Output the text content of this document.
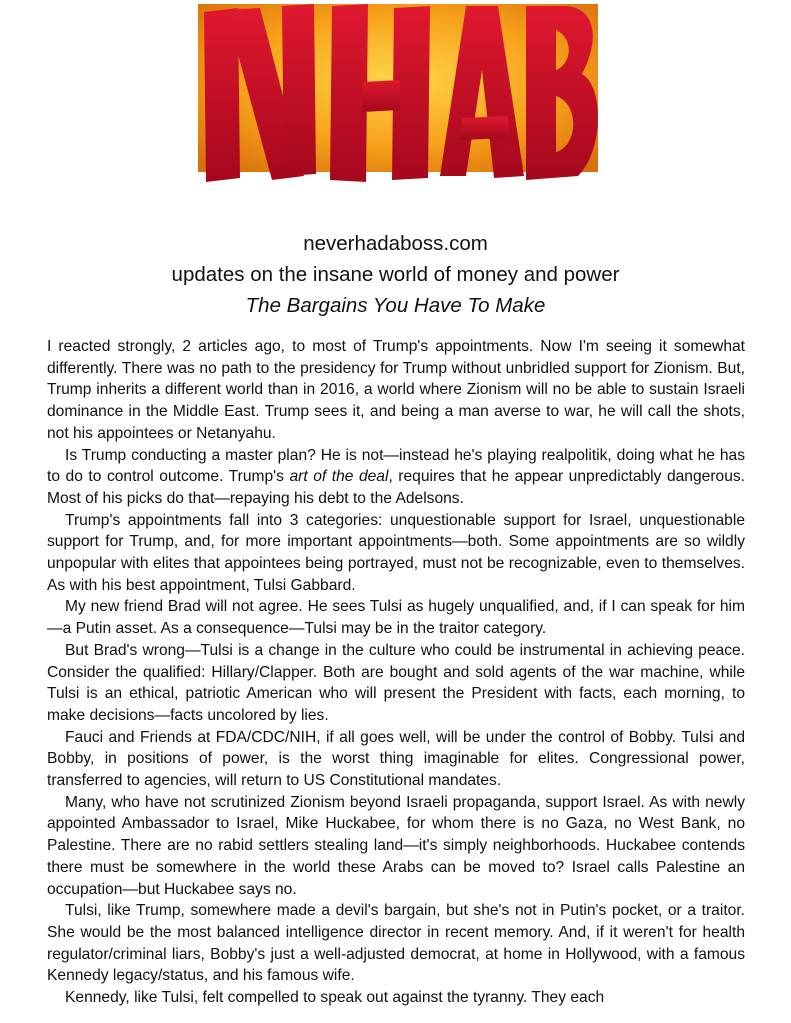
neverhadaboss.com
updates on the insane world of money and power
The Bargains You Have To Make

I reacted strongly, 2 articles ago, to most of Trump's appointments. Now I'm seeing it somewhat differently. There was no path to the presidency for Trump without unbridled support for Zionism. But, Trump inherits a different world than in 2016, a world where Zionism will no be able to sustain Israeli dominance in the Middle East. Trump sees it, and being a man averse to war, he will call the shots, not his appointees or Netanyahu.

Is Trump conducting a master plan? He is not—instead he's playing realpolitik, doing what he has to do to control outcome. Trump's art of the deal, requires that he appear unpredictably dangerous. Most of his picks do that—repaying his debt to the Adelsons.

Trump's appointments fall into 3 categories: unquestionable support for Israel, unquestionable support for Trump, and, for more important appointments—both. Some appointments are so wildly unpopular with elites that appointees being portrayed, must not be recognizable, even to themselves. As with his best appointment, Tulsi Gabbard.

My new friend Brad will not agree. He sees Tulsi as hugely unqualified, and, if I can speak for him—a Putin asset. As a consequence—Tulsi may be in the traitor category.

But Brad's wrong—Tulsi is a change in the culture who could be instrumental in achieving peace. Consider the qualified: Hillary/Clapper. Both are bought and sold agents of the war machine, while Tulsi is an ethical, patriotic American who will present the President with facts, each morning, to make decisions—facts uncolored by lies.

Fauci and Friends at FDA/CDC/NIH, if all goes well, will be under the control of Bobby. Tulsi and Bobby, in positions of power, is the worst thing imaginable for elites. Congressional power, transferred to agencies, will return to US Constitutional mandates.

Many, who have not scrutinized Zionism beyond Israeli propaganda, support Israel. As with newly appointed Ambassador to Israel, Mike Huckabee, for whom there is no Gaza, no West Bank, no Palestine. There are no rabid settlers stealing land—it's simply neighborhoods. Huckabee contends there must be somewhere in the world these Arabs can be moved to? Israel calls Palestine an occupation—but Huckabee says no.

Tulsi, like Trump, somewhere made a devil's bargain, but she's not in Putin's pocket, or a traitor. She would be the most balanced intelligence director in recent memory. And, if it weren't for health regulator/criminal liars, Bobby's just a well-adjusted democrat, at home in Hollywood, with a famous Kennedy legacy/status, and his famous wife.

Kennedy, like Tulsi, felt compelled to speak out against the tyranny. They each
